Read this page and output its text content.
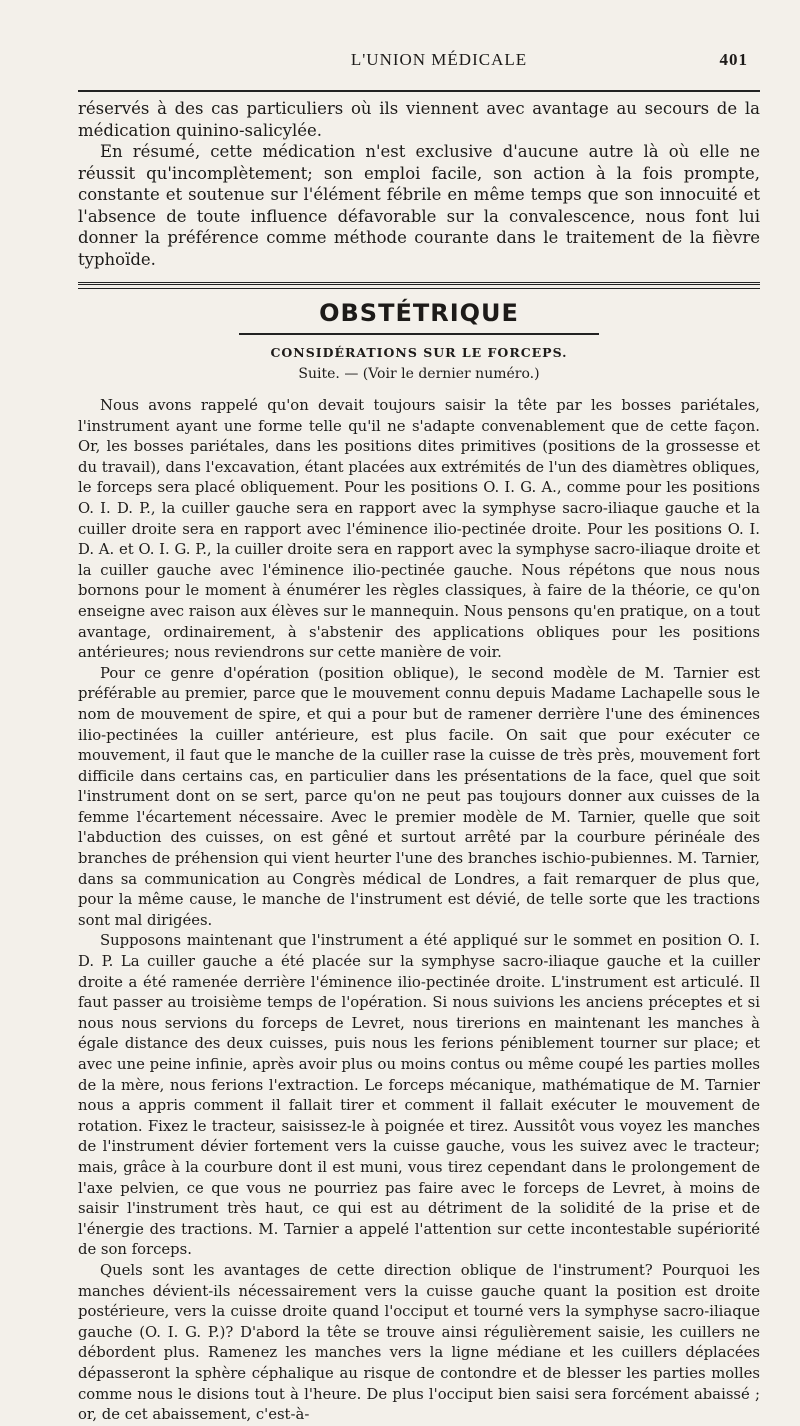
L'UNION MÉDICALE	401

réservés à des cas particuliers où ils viennent avec avantage au secours de la médication quinino-salicylée.

En résumé, cette médication n'est exclusive d'aucune autre là où elle ne réussit qu'incomplètement; son emploi facile, son action à la fois prompte, constante et soutenue sur l'élément fébrile en même temps que son innocuité et l'absence de toute influence défavorable sur la convalescence, nous font lui donner la préférence comme méthode courante dans le traitement de la fièvre typhoïde.

OBSTÉTRIQUE
CONSIDÉRATIONS SUR LE FORCEPS.
Suite. — (Voir le dernier numéro.)

Nous avons rappelé qu'on devait toujours saisir la tête par les bosses pariétales, l'instrument ayant une forme telle qu'il ne s'adapte convenablement que de cette façon. Or, les bosses pariétales, dans les positions dites primitives (positions de la grossesse et du travail), dans l'excavation, étant placées aux extrémités de l'un des diamètres obliques, le forceps sera placé obliquement. Pour les positions O. I. G. A., comme pour les positions O. I. D. P., la cuiller gauche sera en rapport avec la symphyse sacro-iliaque gauche et la cuiller droite sera en rapport avec l'éminence ilio-pectinée droite. Pour les positions O. I. D. A. et O. I. G. P., la cuiller droite sera en rapport avec la symphyse sacro-iliaque droite et la cuiller gauche avec l'éminence ilio-pectinée gauche. Nous répétons que nous nous bornons pour le moment à énumérer les règles classiques, à faire de la théorie, ce qu'on enseigne avec raison aux élèves sur le mannequin. Nous pensons qu'en pratique, on a tout avantage, ordinairement, à s'abstenir des applications obliques pour les positions antérieures; nous reviendrons sur cette manière de voir.

Pour ce genre d'opération (position oblique), le second modèle de M. Tarnier est préférable au premier, parce que le mouvement connu depuis Madame Lachapelle sous le nom de mouvement de spire, et qui a pour but de ramener derrière l'une des éminences ilio-pectinées la cuiller antérieure, est plus facile. On sait que pour exécuter ce mouvement, il faut que le manche de la cuiller rase la cuisse de très près, mouvement fort difficile dans certains cas, en particulier dans les présentations de la face, quel que soit l'instrument dont on se sert, parce qu'on ne peut pas toujours donner aux cuisses de la femme l'écartement nécessaire. Avec le premier modèle de M. Tarnier, quelle que soit l'abduction des cuisses, on est gêné et surtout arrêté par la courbure périnéale des branches de préhension qui vient heurter l'une des branches ischio-pubiennes. M. Tarnier, dans sa communication au Congrès médical de Londres, a fait remarquer de plus que, pour la même cause, le manche de l'instrument est dévié, de telle sorte que les tractions sont mal dirigées.

Supposons maintenant que l'instrument a été appliqué sur le sommet en position O. I. D. P. La cuiller gauche a été placée sur la symphyse sacro-iliaque gauche et la cuiller droite a été ramenée derrière l'éminence ilio-pectinée droite. L'instrument est articulé. Il faut passer au troisième temps de l'opération. Si nous suivions les anciens préceptes et si nous nous servions du forceps de Levret, nous tirerions en maintenant les manches à égale distance des deux cuisses, puis nous les ferions péniblement tourner sur place; et avec une peine infinie, après avoir plus ou moins contus ou même coupé les parties molles de la mère, nous ferions l'extraction. Le forceps mécanique, mathématique de M. Tarnier nous a appris comment il fallait tirer et comment il fallait exécuter le mouvement de rotation. Fixez le tracteur, saisissez-le à poignée et tirez. Aussitôt vous voyez les manches de l'instrument dévier fortement vers la cuisse gauche, vous les suivez avec le tracteur; mais, grâce à la courbure dont il est muni, vous tirez cependant dans le prolongement de l'axe pelvien, ce que vous ne pourriez pas faire avec le forceps de Levret, à moins de saisir l'instrument très haut, ce qui est au détriment de la solidité de la prise et de l'énergie des tractions. M. Tarnier a appelé l'attention sur cette incontestable supériorité de son forceps.

Quels sont les avantages de cette direction oblique de l'instrument? Pourquoi les manches dévient-ils nécessairement vers la cuisse gauche quant la position est droite postérieure, vers la cuisse droite quand l'occiput et tourné vers la symphyse sacro-iliaque gauche (O. I. G. P.)? D'abord la tête se trouve ainsi régulièrement saisie, les cuillers ne débordent plus. Ramenez les manches vers la ligne médiane et les cuillers déplacées dépasseront la sphère céphalique au risque de contondre et de blesser les parties molles comme nous le disions tout à l'heure. De plus l'occiput bien saisi sera forcément abaissé ; or, de cet abaissement, c'est-à-
